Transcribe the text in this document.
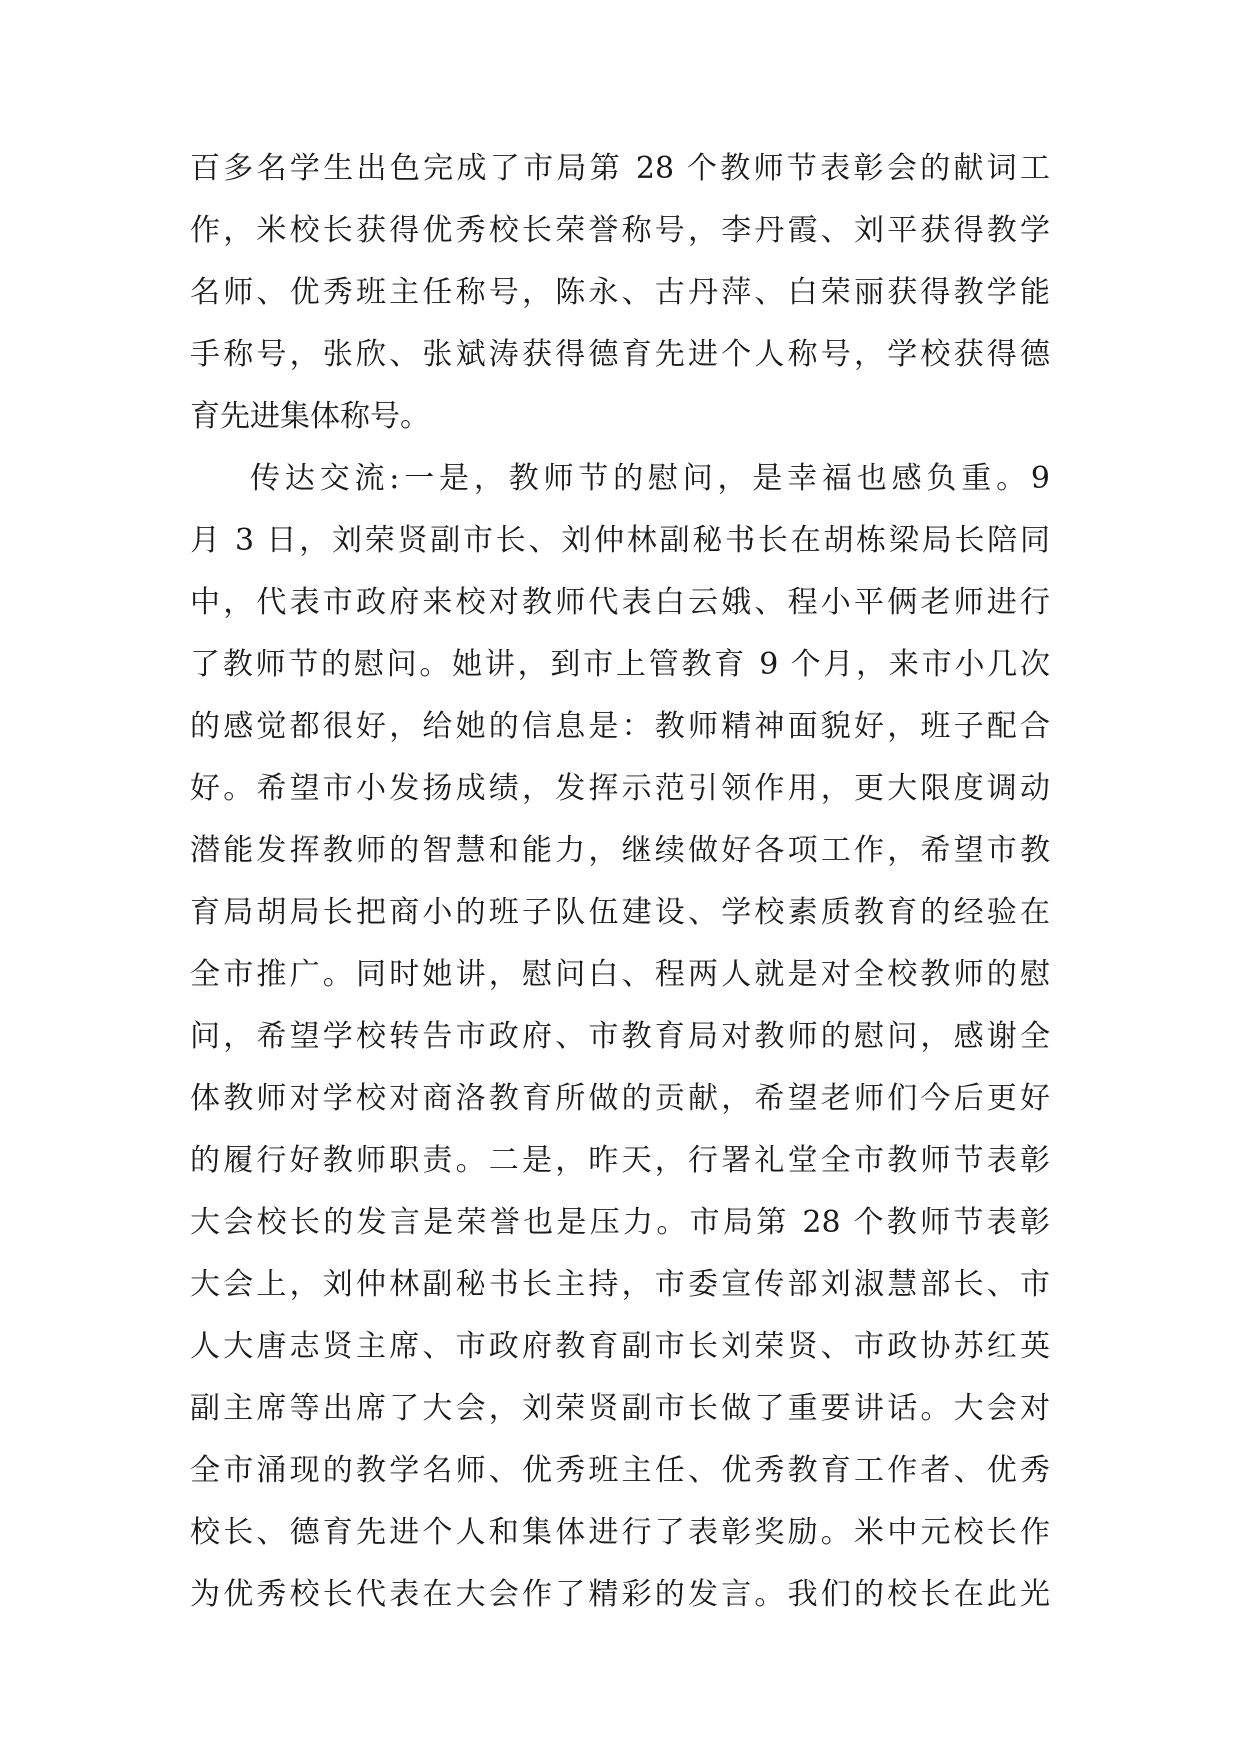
百多名学生出色完成了市局第 28 个教师节表彰会的献词工
作，米校长获得优秀校长荣誉称号，李丹霞、刘平获得教学
名师、优秀班主任称号，陈永、古丹萍、白荣丽获得教学能
手称号，张欣、张斌涛获得德育先进个人称号，学校获得德
育先进集体称号。
传达交流:一是，教师节的慰问，是幸福也感负重。9
月 3 日，刘荣贤副市长、刘仲林副秘书长在胡栋梁局长陪同
中，代表市政府来校对教师代表白云娥、程小平俩老师进行
了教师节的慰问。她讲，到市上管教育 9 个月，来市小几次
的感觉都很好，给她的信息是：教师精神面貌好，班子配合
好。希望市小发扬成绩，发挥示范引领作用，更大限度调动
潜能发挥教师的智慧和能力，继续做好各项工作，希望市教
育局胡局长把商小的班子队伍建设、学校素质教育的经验在
全市推广。同时她讲，慰问白、程两人就是对全校教师的慰
问，希望学校转告市政府、市教育局对教师的慰问，感谢全
体教师对学校对商洛教育所做的贡献，希望老师们今后更好
的履行好教师职责。二是，昨天，行署礼堂全市教师节表彰
大会校长的发言是荣誉也是压力。市局第 28 个教师节表彰
大会上，刘仲林副秘书长主持，市委宣传部刘淑慧部长、市
人大唐志贤主席、市政府教育副市长刘荣贤、市政协苏红英
副主席等出席了大会，刘荣贤副市长做了重要讲话。大会对
全市涌现的教学名师、优秀班主任、优秀教育工作者、优秀
校长、德育先进个人和集体进行了表彰奖励。米中元校长作
为优秀校长代表在大会作了精彩的发言。我们的校长在此光
